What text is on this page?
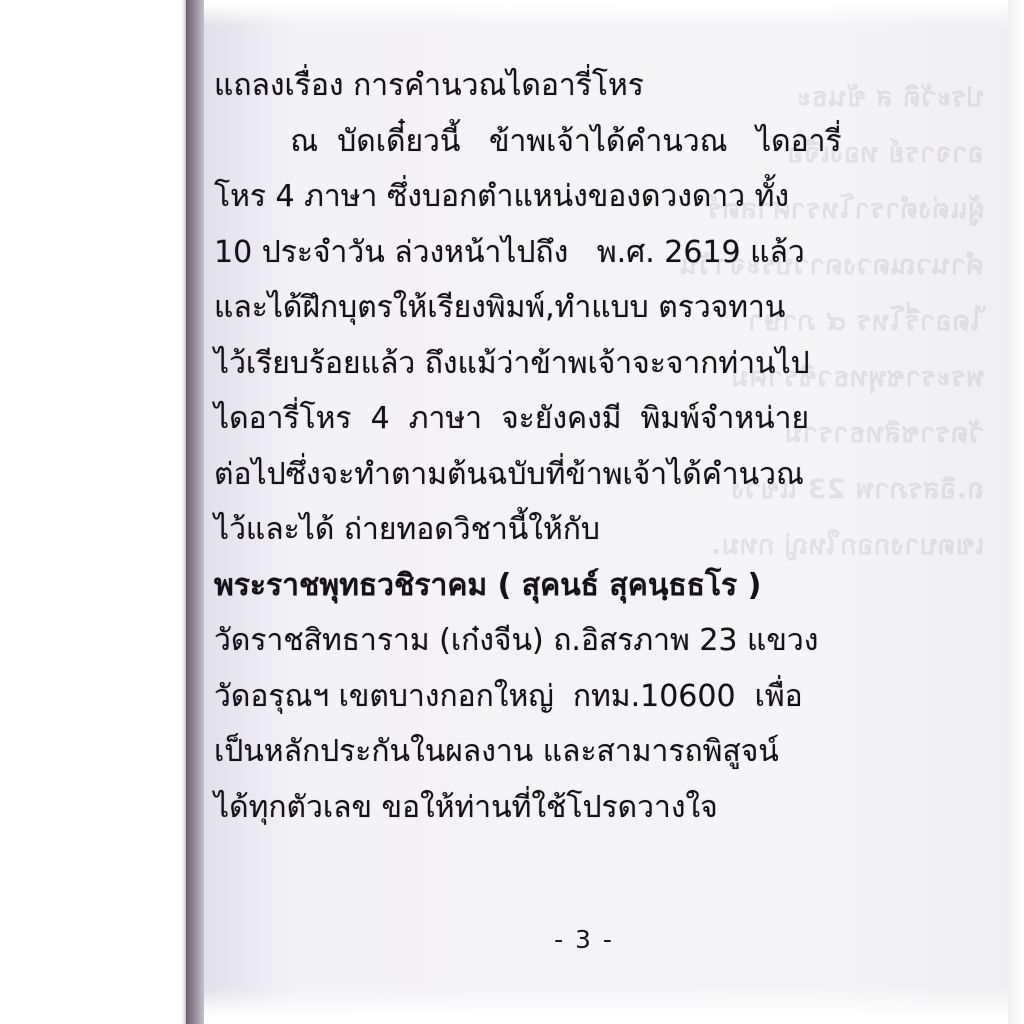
ประวัติ ส ขันธะ
อาจารย์ ทองเจือ
ผู้แต่งตำราโหราศาสตร์
คำนวณดวงดาวประจำวัน
ไดอารี่โหร ๔ ภาษา
พระราชพุทธวชิราคม
วัดราชสิทธาราม
ถ.อิสรภาพ 23 แขวง
เขตบางกอกใหญ่ กทม.
แถลงเรื่อง การคำนวณไดอารี่โหร
ณ  บัดเดี๋ยวนี้   ข้าพเจ้าได้คำนวณ   ไดอารี่
โหร 4 ภาษา ซึ่งบอกตำแหน่งของดวงดาว ทั้ง
10 ประจำวัน ล่วงหน้าไปถึง   พ.ศ. 2619 แล้ว
และได้ฝึกบุตรให้เรียงพิมพ์,ทำแบบ ตรวจทาน
ไว้เรียบร้อยแล้ว ถึงแม้ว่าข้าพเจ้าจะจากท่านไป
ไดอารี่โหร  4  ภาษา  จะยังคงมี  พิมพ์จำหน่าย
ต่อไปซึ่งจะทำตามต้นฉบับที่ข้าพเจ้าได้คำนวณ
ไว้และได้ ถ่ายทอดวิชานี้ให้กับ
พระราชพุทธวชิราคม ( สุคนธ์ สุคนฺธธโร )
วัดราชสิทธาราม (เก๋งจีน) ถ.อิสรภาพ 23 แขวง
วัดอรุณฯ เขตบางกอกใหญ่  กทม.10600  เพื่อ
เป็นหลักประกันในผลงาน และสามารถพิสูจน์
ได้ทุกตัวเลข ขอให้ท่านที่ใช้โปรดวางใจ
- 3 -
